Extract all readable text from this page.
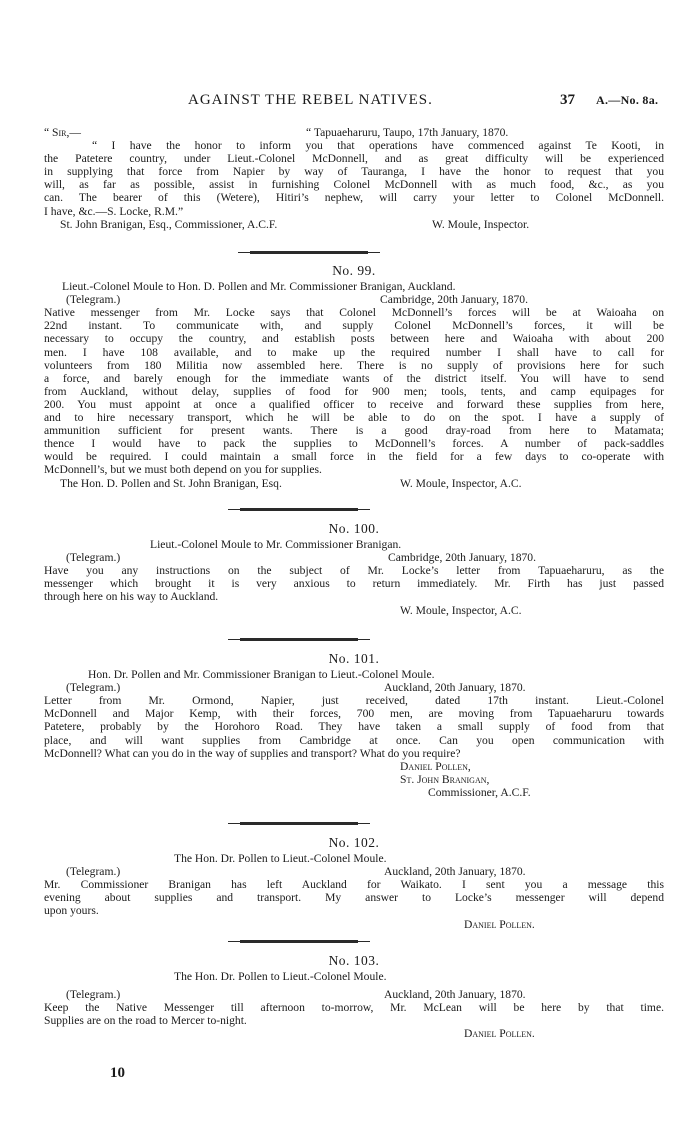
AGAINST THE REBEL NATIVES.	37 A.—No. 8a.
“ Sir,—	“ Tapuaeharuru, Taupo, 17th January, 1870.
“ I have the honor to inform you that operations have commenced against Te Kooti, in
the Patetere country, under Lieut.-Colonel McDonnell, and as great difficulty will be experienced
in supplying that force from Napier by way of Tauranga, I have the honor to request that you
will, as far as possible, assist in furnishing Colonel McDonnell with as much food, &c., as you
can. The bearer of this (Wetere), Hitiri’s nephew, will carry your letter to Colonel McDonnell.
I have, &c.—S. Locke, R.M.”
St. John Branigan, Esq., Commissioner, A.C.F.	W. Moule, Inspector.
No. 99.
Lieut.-Colonel Moule to Hon. D. Pollen and Mr. Commissioner Branigan, Auckland.
(Telegram.)	Cambridge, 20th January, 1870.
Native messenger from Mr. Locke says that Colonel McDonnell’s forces will be at Waioaha on
22nd instant. To communicate with, and supply Colonel McDonnell’s forces, it will be
necessary to occupy the country, and establish posts between here and Waioaha with about 200
men. I have 108 available, and to make up the required number I shall have to call for
volunteers from 180 Militia now assembled here. There is no supply of provisions here for such
a force, and barely enough for the immediate wants of the district itself. You will have to send
from Auckland, without delay, supplies of food for 900 men; tools, tents, and camp equipages for
200. You must appoint at once a qualified officer to receive and forward these supplies from here,
and to hire necessary transport, which he will be able to do on the spot. I have a supply of
ammunition sufficient for present wants. There is a good dray-road from here to Matamata;
thence I would have to pack the supplies to McDonnell’s forces. A number of pack-saddles
would be required. I could maintain a small force in the field for a few days to co-operate with
McDonnell’s, but we must both depend on you for supplies.
The Hon. D. Pollen and St. John Branigan, Esq.	W. Moule, Inspector, A.C.
No. 100.
Lieut.-Colonel Moule to Mr. Commissioner Branigan.
(Telegram.)	Cambridge, 20th January, 1870.
Have you any instructions on the subject of Mr. Locke’s letter from Tapuaeharuru, as the
messenger which brought it is very anxious to return immediately. Mr. Firth has just passed
through here on his way to Auckland.
W. Moule, Inspector, A.C.
No. 101.
Hon. Dr. Pollen and Mr. Commissioner Branigan to Lieut.-Colonel Moule.
(Telegram.)	Auckland, 20th January, 1870.
Letter from Mr. Ormond, Napier, just received, dated 17th instant. Lieut.-Colonel
McDonnell and Major Kemp, with their forces, 700 men, are moving from Tapuaeharuru towards
Patetere, probably by the Horohoro Road. They have taken a small supply of food from that
place, and will want supplies from Cambridge at once. Can you open communication with
McDonnell? What can you do in the way of supplies and transport? What do you require?
Daniel Pollen,
St. John Branigan,
Commissioner, A.C.F.
No. 102.
The Hon. Dr. Pollen to Lieut.-Colonel Moule.
(Telegram.)	Auckland, 20th January, 1870.
Mr. Commissioner Branigan has left Auckland for Waikato. I sent you a message this
evening about supplies and transport. My answer to Locke’s messenger will depend
upon yours.
Daniel Pollen.
No. 103.
The Hon. Dr. Pollen to Lieut.-Colonel Moule.
(Telegram.)	Auckland, 20th January, 1870.
Keep the Native Messenger till afternoon to-morrow, Mr. McLean will be here by that time.
Supplies are on the road to Mercer to-night.
Daniel Pollen.
10
